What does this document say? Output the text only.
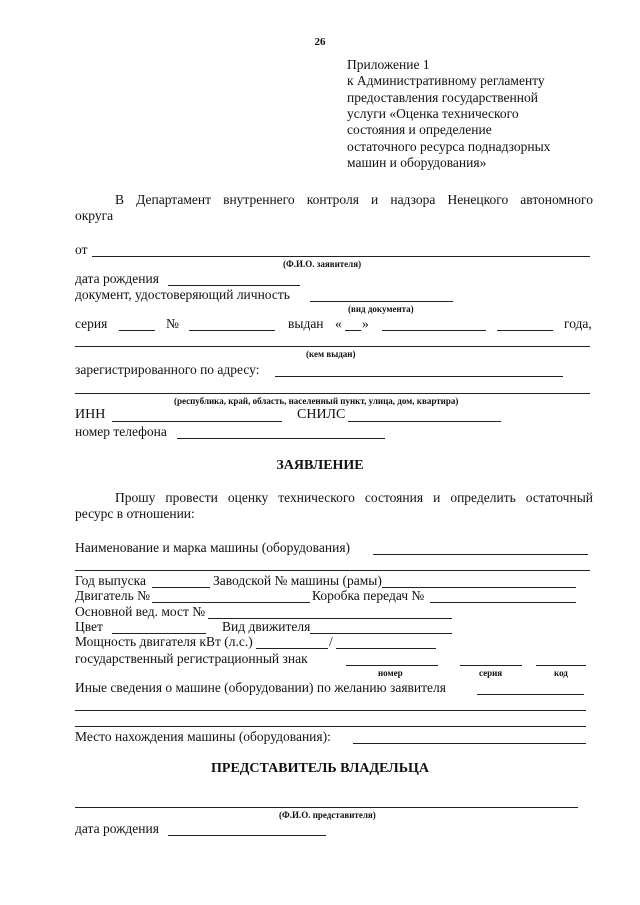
26
Приложение 1
к Административному регламенту
предоставления государственной
услуги «Оценка технического
состояния и определение
остаточного ресурса поднадзорных
машин и оборудования»
В Департамент внутреннего контроля и надзора Ненецкого автономного
округа
от
(Ф.И.О. заявителя)
дата рождения
документ, удостоверяющий личность
(вид документа)
серия	№	выдан « »	года,
(кем выдан)
зарегистрированного по адресу:
(республика, край, область, населенный пункт, улица, дом, квартира)
ИНН	СНИЛС
номер телефона
ЗАЯВЛЕНИЕ
Прошу провести оценку технического состояния и определить остаточный
ресурс в отношении:
Наименование и марка машины (оборудования)
Год выпуска	Заводской № машины (рамы)
Двигатель №	Коробка передач №
Основной вед. мост №
Цвет	Вид движителя
Мощность двигателя кВт (л.с.)	/
государственный регистрационный знак
номер	серия	код
Иные сведения о машине (оборудовании) по желанию заявителя
Место нахождения машины (оборудования):
ПРЕДСТАВИТЕЛЬ ВЛАДЕЛЬЦА
(Ф.И.О. представителя)
дата рождения
